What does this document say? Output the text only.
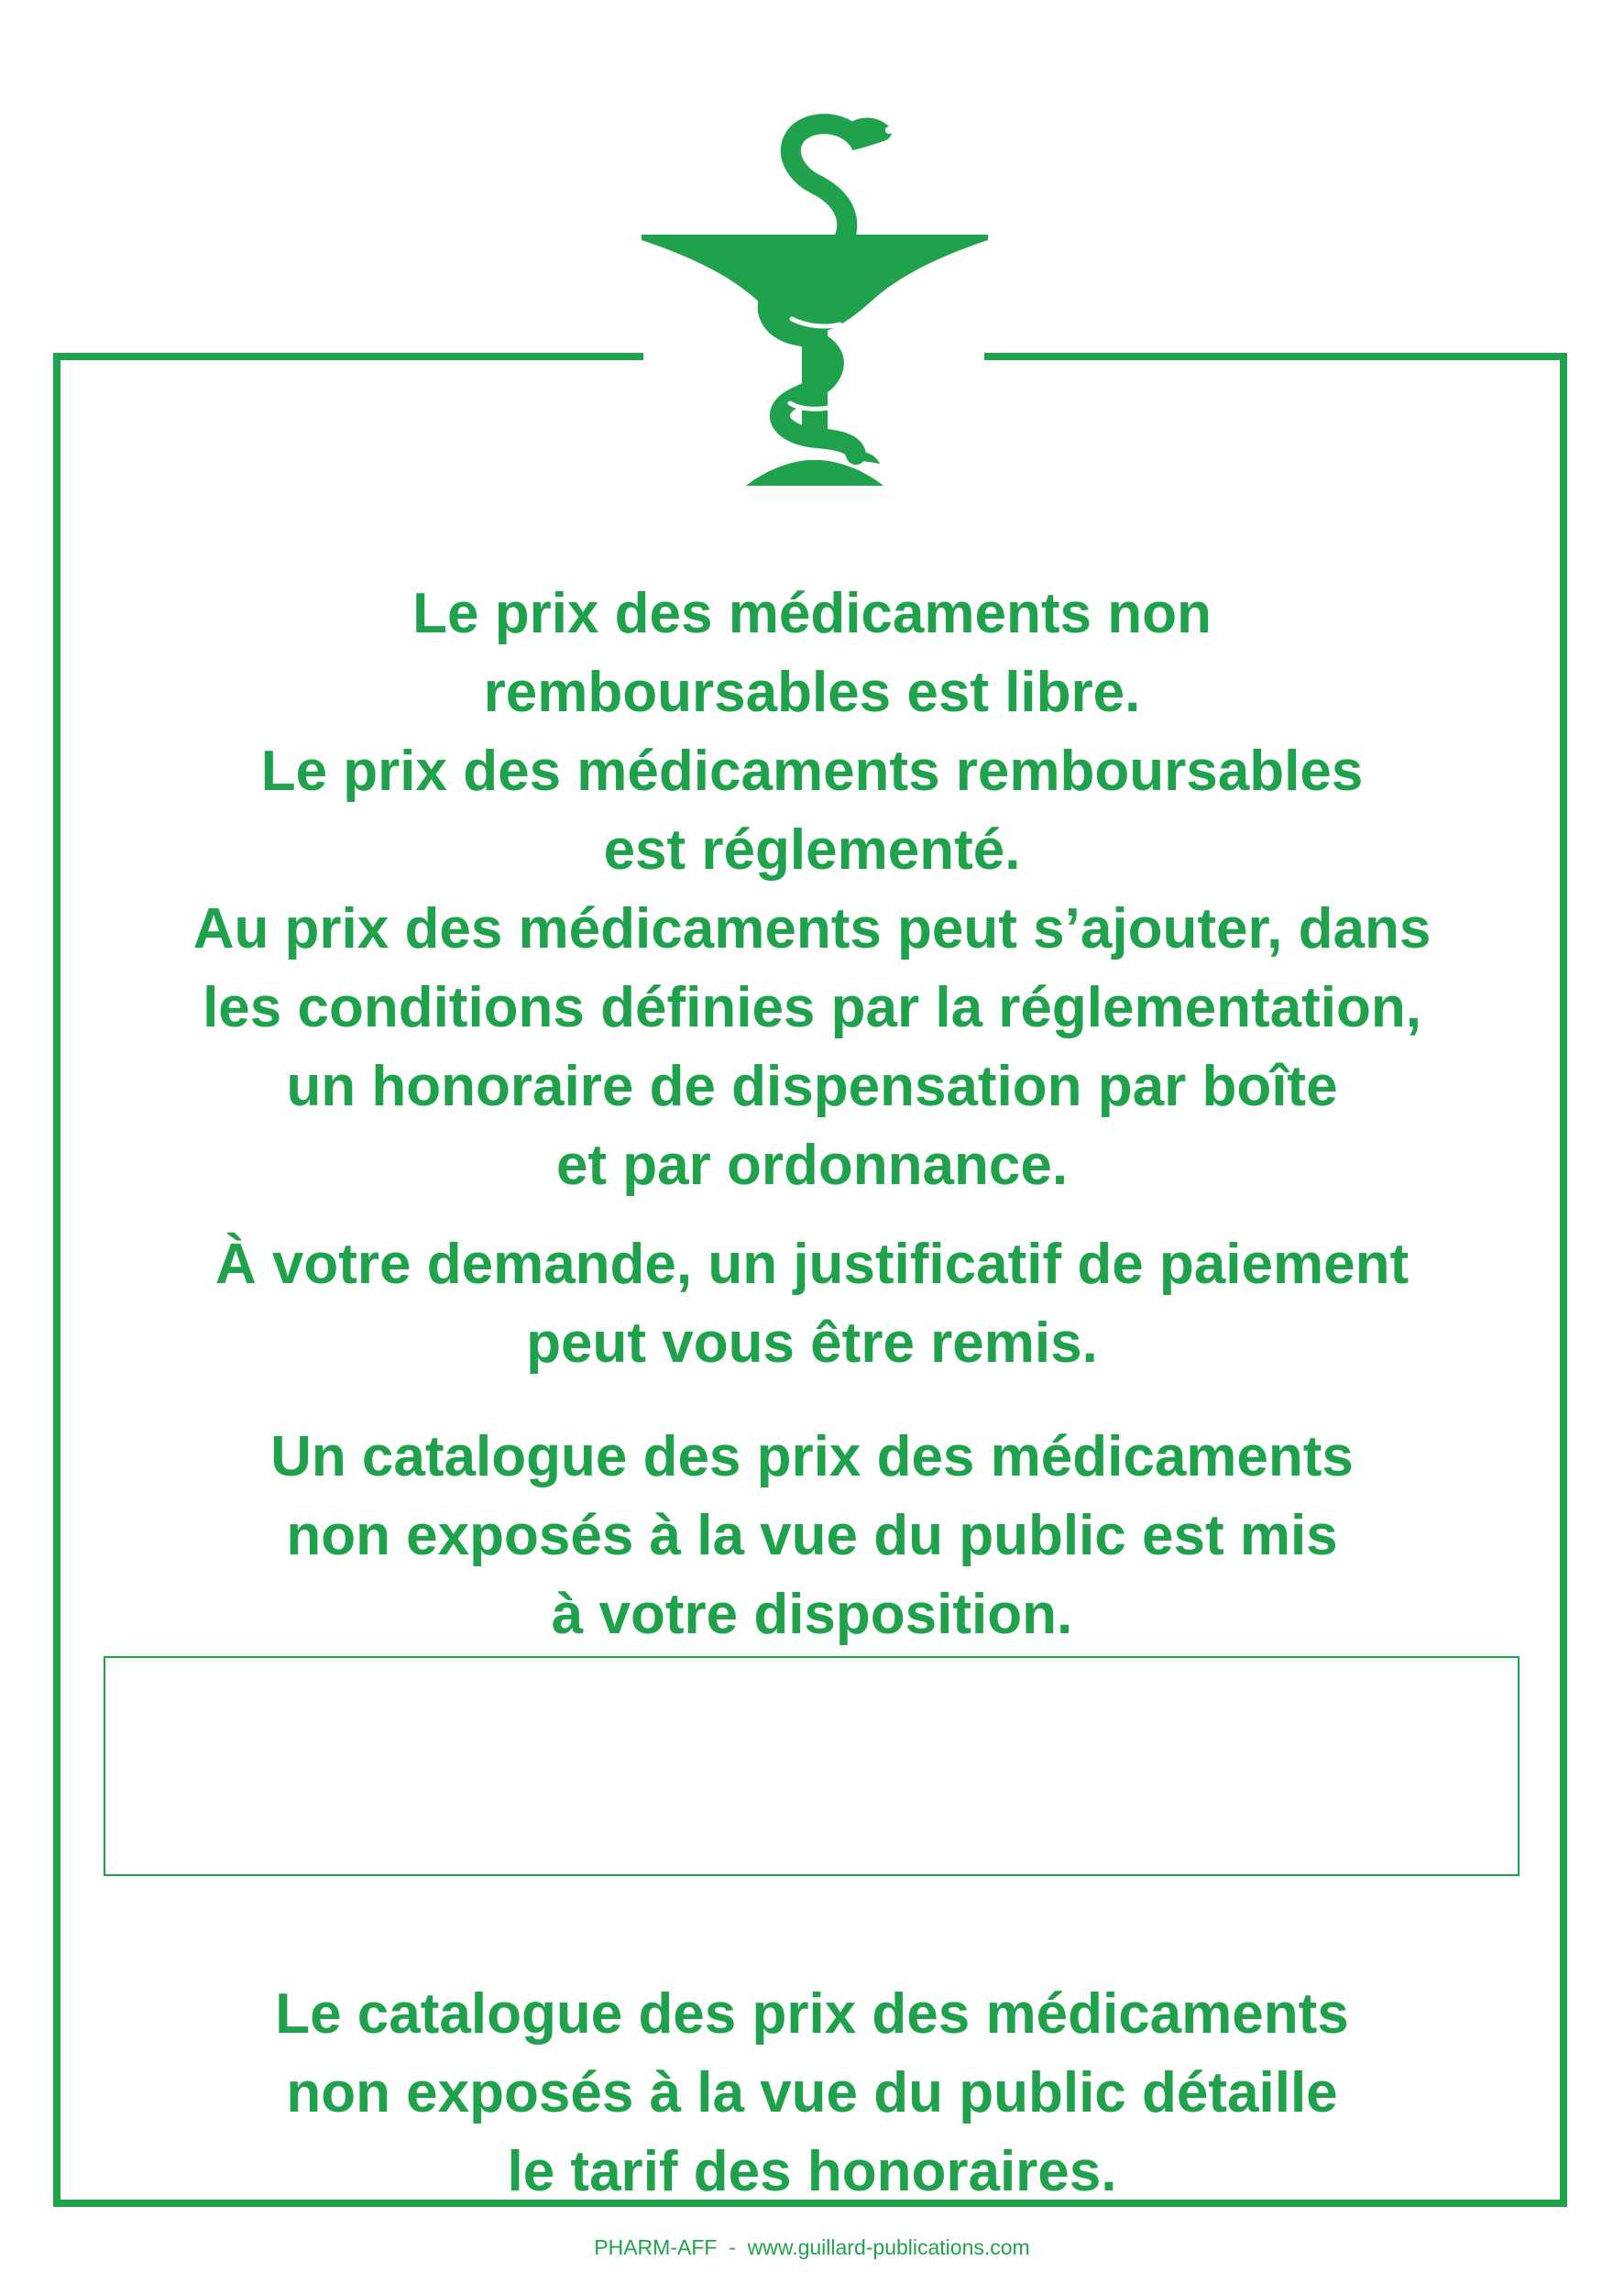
Le prix des médicaments non
remboursables est libre.
Le prix des médicaments remboursables
est réglementé.
Au prix des médicaments peut s’ajouter, dans
les conditions définies par la réglementation,
un honoraire de dispensation par boîte
et par ordonnance.
À votre demande, un justificatif de paiement
peut vous être remis.
Un catalogue des prix des médicaments
non exposés à la vue du public est mis
à votre disposition.
Le catalogue des prix des médicaments
non exposés à la vue du public détaille
le tarif des honoraires.
PHARM-AFF  -  www.guillard-publications.com
